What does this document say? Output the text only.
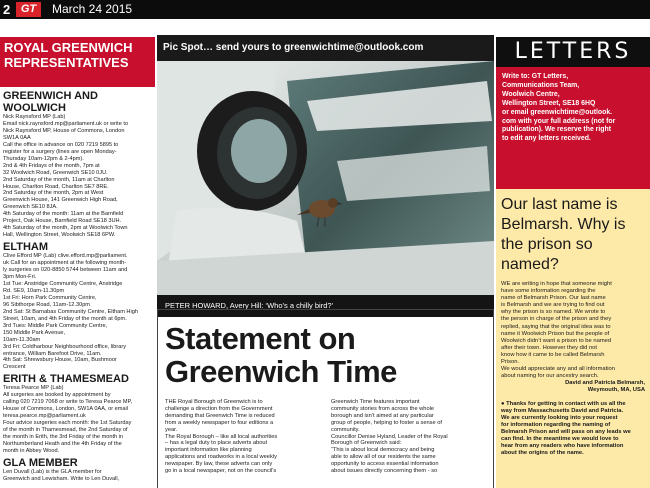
2 GT	March 24 2015
ROYAL GREENWICH
REPRESENTATIVES
GREENWICH AND WOOLWICH
Nick Raynsford MP (Lab)
Email nick.raynsford.mp@parliament.uk or write to
Nick Raynsford MP, House of Commons, London
SW1A 0AA
Call the office in advance on 020 7219 5895 to
register for a surgery (lines are open Monday-
Thursday 10am-12pm & 2-4pm).
2nd & 4th Fridays of the month, 7pm at
32 Woolwich Road, Greenwich SE10 0JU.
2nd Saturday of the month, 11am at Charlton
House, Charlton Road, Charlton SE7 8RE.
2nd Saturday of the month, 2pm at West
Greenwich House, 141 Greenwich High Road,
Greenwich SE10 8JA.
4th Saturday of the month: 11am at the Barnfield
Project, Oak House, Barnfield Road SE18 3UH.
4th Saturday of the month, 2pm at Woolwich Town
Hall, Wellington Street, Woolwich SE18 6PW.
ELTHAM
Clive Efford MP (Lab) clive.efford.mp@parliament.
uk Call for an appointment at the following month-
ly surgeries on 020-8850 5744 between 11am and
3pm Mon-Fri.
1st Tue: Anstridge Community Centre, Anstridge
Rd. SE9, 10am-11.30pm
1st Fri: Horn Park Community Centre,
96 Sibthorpe Road, 11am-12.30pm
2nd Sat: St Barnabas Community Centre, Eltham High
Street, 10am, and 4th Friday of the month at 6pm.
3rd Tues: Middle Park Community Centre,
150 Middle Park Avenue,
10am-11.30am
3rd Fri: Coldharbour Neighbourhood office, library
entrance, William Barefoot Drive, 11am.
4th Sat: Shrewsbury House, 10am, Bushmoor
Crescent
ERITH & THAMESMEAD
Teresa Pearce MP (Lab)
All surgeries are booked by appointment by
calling 020 7219 7068 or write to Teresa Pearce MP,
House of Commons, London, SW1A 0AA, or email
teresa.pearce.mp@parliament.uk
Four advice surgeries each month: the 1st Saturday
of the month in Thamesmead, the 2nd Saturday of
the month in Erith, the 3rd Friday of the month in
Northumberland Heath and the 4th Friday of the
month in Abbey Wood.
GLA MEMBER
Len Duvall (Lab) is the GLA member for
Greenwich and Lewisham. Write to Len Duvall,
Pic Spot… send yours to greenwichtime@outlook.com
PETER HOWARD, Avery Hill: ‘Who’s a chilly bird?’
Statement on
Greenwich Time
THE Royal Borough of Greenwich is to
challenge a direction from the Government
demanding that Greenwich Time is reduced
from a weekly newspaper to four editions a
year.
The Royal Borough – like all local authorities
– has a legal duty to place adverts about
important information like planning
applications and roadworks in a local weekly
newspaper. By law, these adverts can only
go in a local newspaper, not on the council’s
Greenwich Time features important
community stories from across the whole
borough and isn’t aimed at any particular
group of people, helping to foster a sense of
community.
Councillor Denise Hyland, Leader of the Royal
Borough of Greenwich said:
“This is about local democracy and being
able to allow all of our residents the same
opportunity to access essential information
about issues directly concerning them - so
LETTERS
Write to: GT Letters,
Communications Team,
Woolwich Centre,
Wellington Street, SE18 6HQ
or email greenwichtime@outlook.
com with your full address (not for
publication). We reserve the right
to edit any letters received.
Our last name is Belmarsh. Why is the prison so named?
WE are writing in hope that someone might
have some information regarding the
name of Belmarsh Prison. Our last name
is Belmarsh and we are trying to find out
why the prison is so named. We wrote to
the person in charge of the prison and they
replied, saying that the original idea was to
name it Woolwich Prison but the people of
Woolwich didn’t want a prison to be named
after their town. However they did not
know how it came to be called Belmarsh
Prison.
We would appreciate any and all information
about naming for our ancestry search.
David and Patricia Belmarsh,
Weymouth, MA, USA
● Thanks for getting in contact with us all the
way from Massachusetts David and Patricia.
We are currently looking into your request
for information regarding the naming of
Belmarsh Prison and will pass on any leads we
can find. In the meantime we would love to
hear from any readers who have information
about the origins of the name.
